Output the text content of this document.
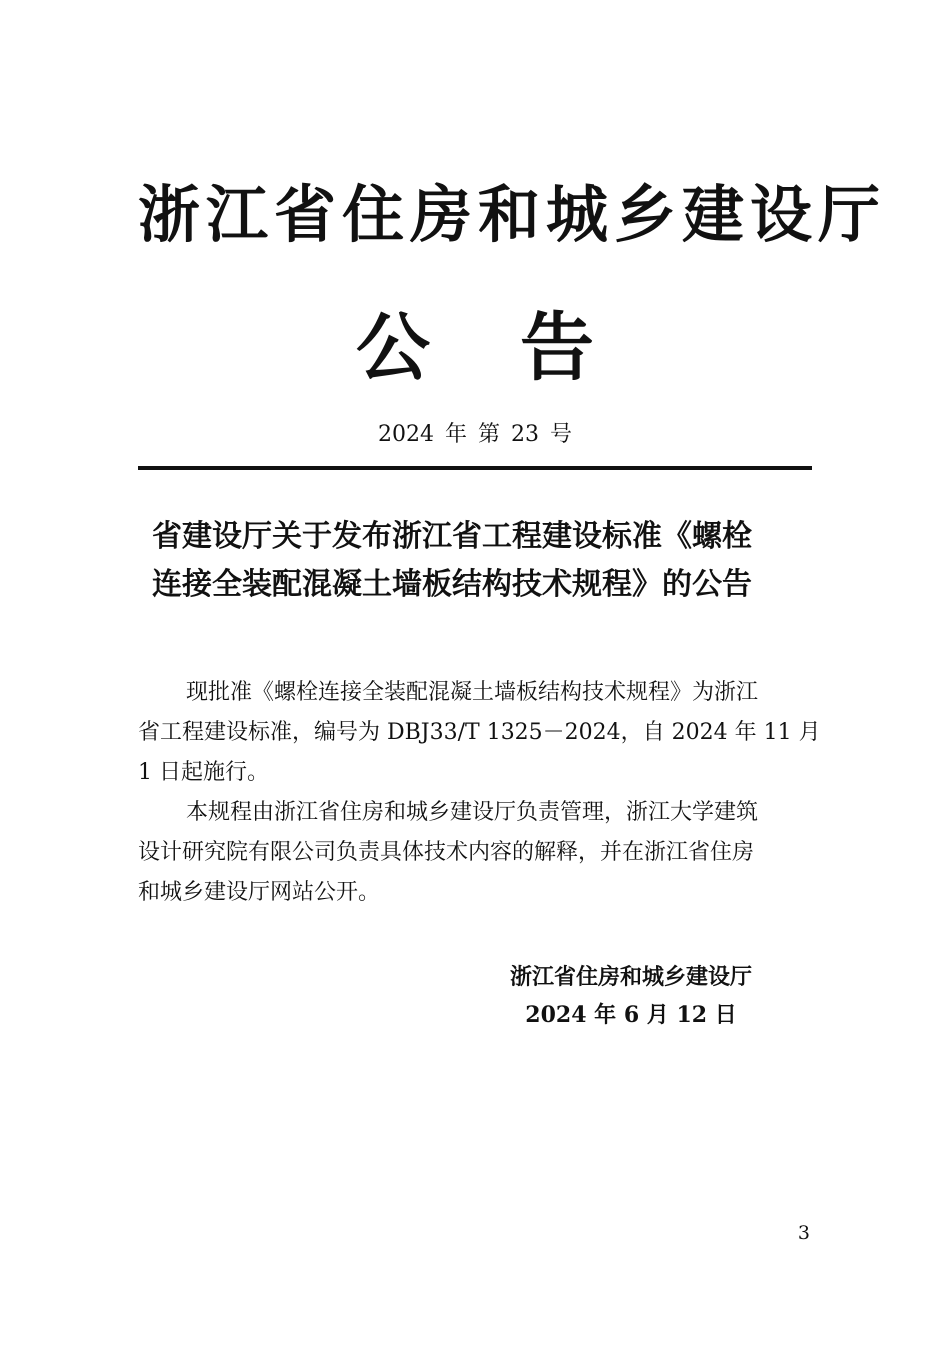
浙江省住房和城乡建设厅
公告
2024 年 第 23 号
省建设厅关于发布浙江省工程建设标准《螺栓
连接全装配混凝土墙板结构技术规程》的公告
现批准《螺栓连接全装配混凝土墙板结构技术规程》为浙江
省工程建设标准，编号为 DBJ33/T 1325－2024，自 2024 年 11 月
1 日起施行。
本规程由浙江省住房和城乡建设厅负责管理，浙江大学建筑
设计研究院有限公司负责具体技术内容的解释，并在浙江省住房
和城乡建设厅网站公开。
浙江省住房和城乡建设厅
2024 年 6 月 12 日
3
